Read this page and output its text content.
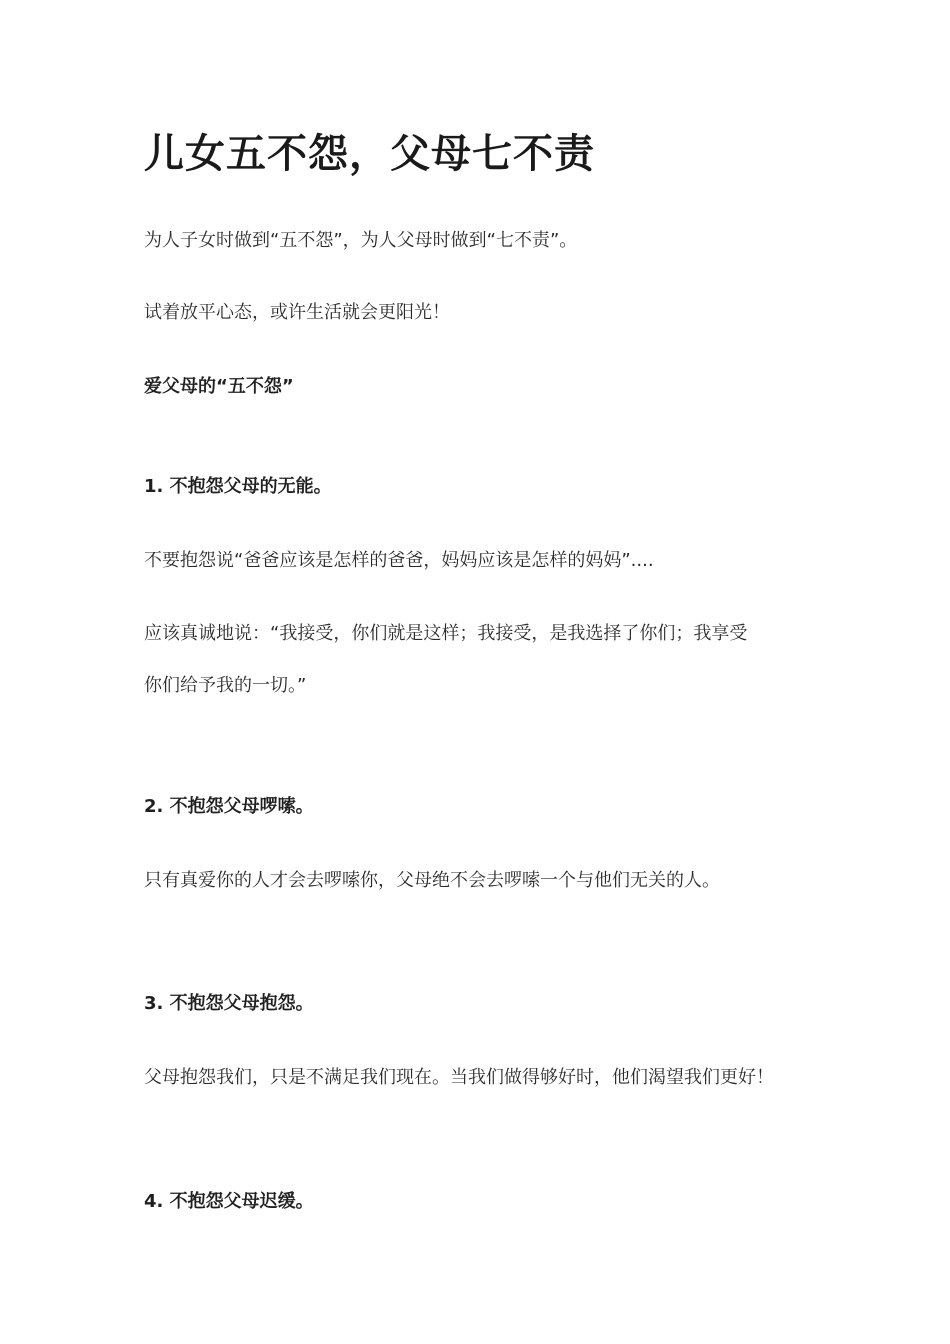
儿女五不怨，父母七不责

为人子女时做到“五不怨”，为人父母时做到“七不责”。

试着放平心态，或许生活就会更阳光！

爱父母的“五不怨”

1. 不抱怨父母的无能。

不要抱怨说“爸爸应该是怎样的爸爸，妈妈应该是怎样的妈妈”....

应该真诚地说：“我接受，你们就是这样；我接受，是我选择了你们；我享受

你们给予我的一切。”

2. 不抱怨父母啰嗦。

只有真爱你的人才会去啰嗦你，父母绝不会去啰嗦一个与他们无关的人。

3. 不抱怨父母抱怨。

父母抱怨我们，只是不满足我们现在。当我们做得够好时，他们渴望我们更好！

4. 不抱怨父母迟缓。
